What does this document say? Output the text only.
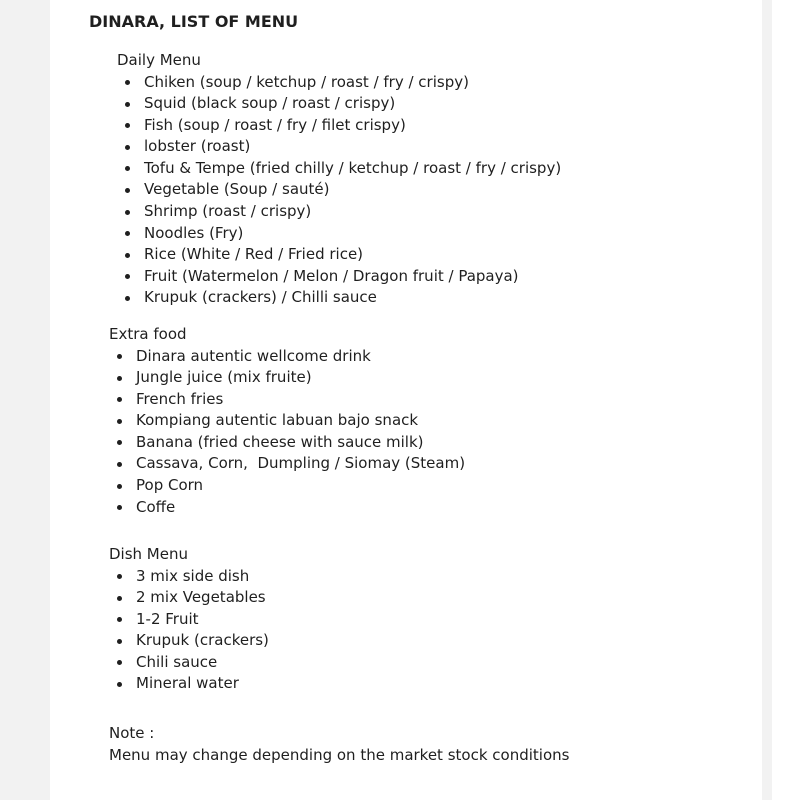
DINARA, LIST OF MENU

Daily Menu

Chiken (soup / ketchup / roast / fry / crispy)
Squid (black soup / roast / crispy)
Fish (soup / roast / fry / filet crispy)
lobster (roast)
Tofu & Tempe (fried chilly / ketchup / roast / fry / crispy)
Vegetable (Soup / sauté)
Shrimp (roast / crispy)
Noodles (Fry)
Rice (White / Red / Fried rice)
Fruit (Watermelon / Melon / Dragon fruit / Papaya)
Krupuk (crackers) / Chilli sauce

Extra food

Dinara autentic wellcome drink
Jungle juice (mix fruite)
French fries
Kompiang autentic labuan bajo snack
Banana (fried cheese with sauce milk)
Cassava, Corn,  Dumpling / Siomay (Steam)
Pop Corn
Coffe

Dish Menu

3 mix side dish
2 mix Vegetables
1-2 Fruit
Krupuk (crackers)
Chili sauce
Mineral water

Note :

Menu may change depending on the market stock conditions
